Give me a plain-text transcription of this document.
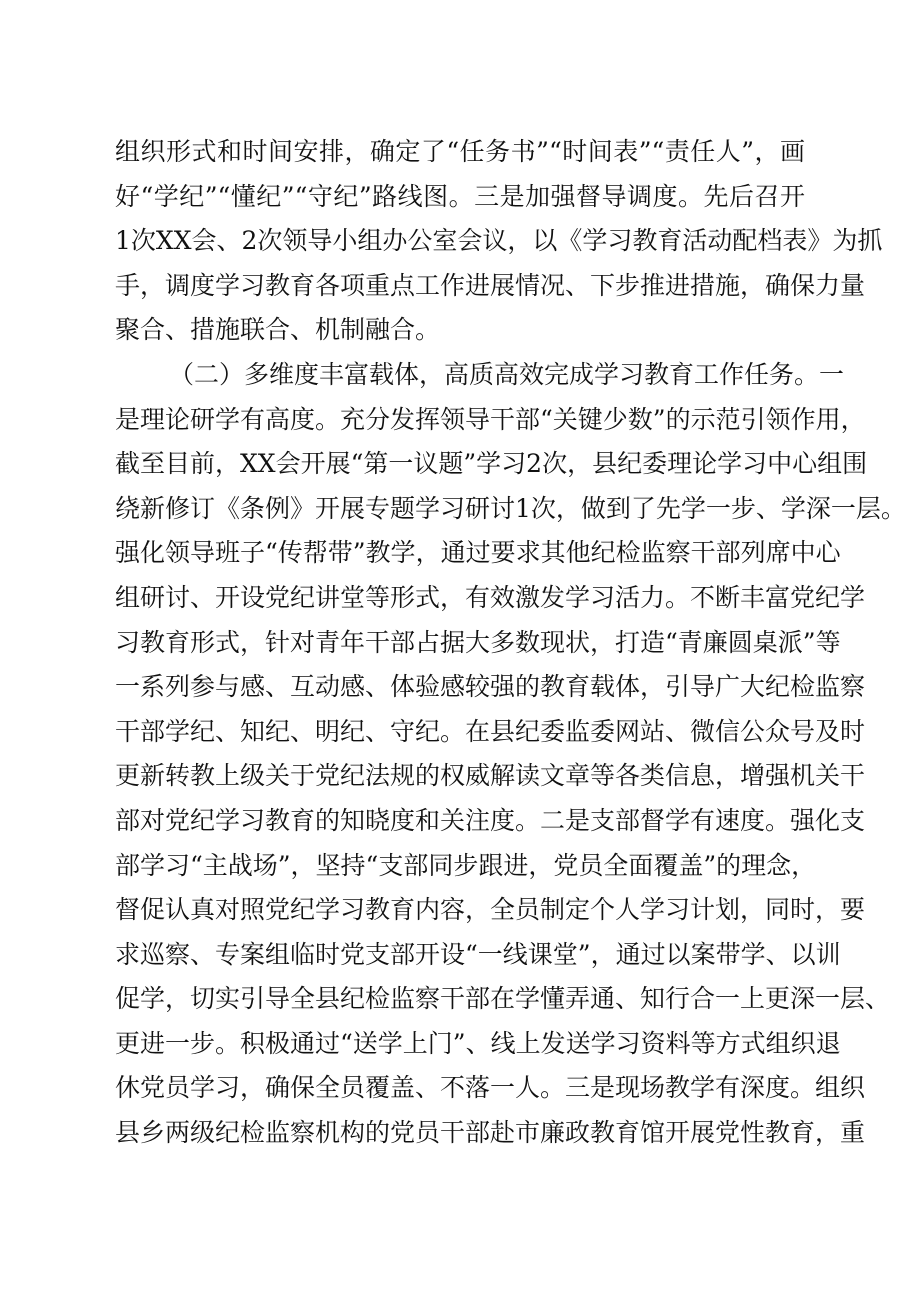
组织形式和时间安排，确定了“任务书”“时间表”“责任人”，画
好“学纪”“懂纪”“守纪”路线图。三是加强督导调度。先后召开
1次XX会、2次领导小组办公室会议，以《学习教育活动配档表》为抓
手，调度学习教育各项重点工作进展情况、下步推进措施，确保力量
聚合、措施联合、机制融合。
（二）多维度丰富载体，高质高效完成学习教育工作任务。一
是理论研学有高度。充分发挥领导干部“关键少数”的示范引领作用，
截至目前，XX会开展“第一议题”学习2次，县纪委理论学习中心组围
绕新修订《条例》开展专题学习研讨1次，做到了先学一步、学深一层。
强化领导班子“传帮带”教学，通过要求其他纪检监察干部列席中心
组研讨、开设党纪讲堂等形式，有效激发学习活力。不断丰富党纪学
习教育形式，针对青年干部占据大多数现状，打造“青廉圆桌派”等
一系列参与感、互动感、体验感较强的教育载体，引导广大纪检监察
干部学纪、知纪、明纪、守纪。在县纪委监委网站、微信公众号及时
更新转教上级关于党纪法规的权威解读文章等各类信息，增强机关干
部对党纪学习教育的知晓度和关注度。二是支部督学有速度。强化支
部学习“主战场”，坚持“支部同步跟进，党员全面覆盖”的理念，
督促认真对照党纪学习教育内容，全员制定个人学习计划，同时，要
求巡察、专案组临时党支部开设“一线课堂”，通过以案带学、以训
促学，切实引导全县纪检监察干部在学懂弄通、知行合一上更深一层、
更进一步。积极通过“送学上门”、线上发送学习资料等方式组织退
休党员学习，确保全员覆盖、不落一人。三是现场教学有深度。组织
县乡两级纪检监察机构的党员干部赴市廉政教育馆开展党性教育，重
